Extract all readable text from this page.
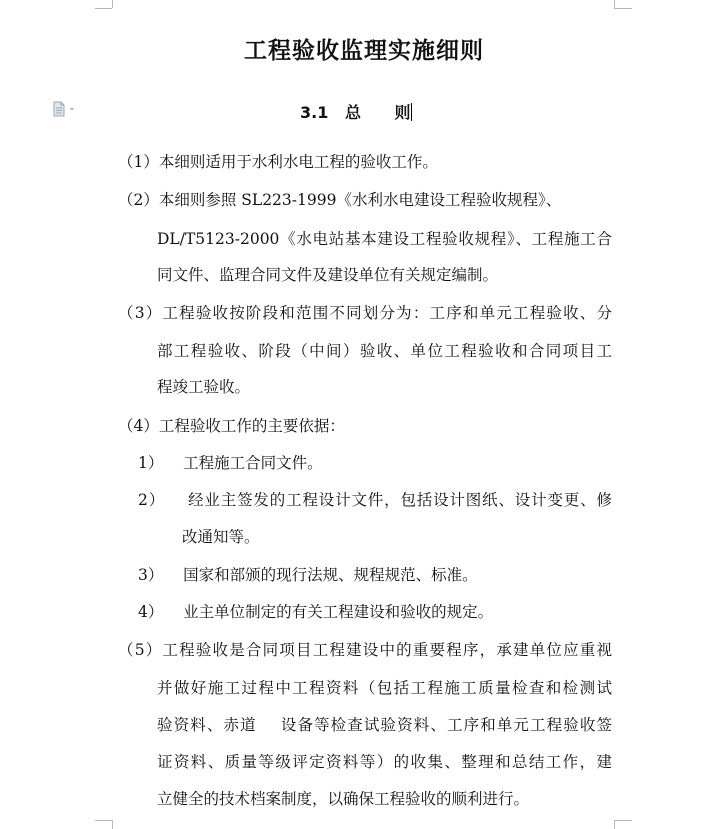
工程验收监理实施细则
3.1   总      则

（1）本细则适用于水利水电工程的验收工作。

（2）本细则参照 SL223-1999《水利水电建设工程验收规程》、

DL/T5123-2000《水电站基本建设工程验收规程》、工程施工合

同文件、监理合同文件及建设单位有关规定编制。

（3）工程验收按阶段和范围不同划分为：工序和单元工程验收、分

部工程验收、阶段（中间）验收、单位工程验收和合同项目工

程竣工验收。

（4）工程验收工作的主要依据：

1）    工程施工合同文件。

2）    经业主签发的工程设计文件，包括设计图纸、设计变更、修

改通知等。

3）    国家和部颁的现行法规、规程规范、标准。

4）    业主单位制定的有关工程建设和验收的规定。

（5）工程验收是合同项目工程建设中的重要程序，承建单位应重视

并做好施工过程中工程资料（包括工程施工质量检查和检测试

验资料、赤道    设备等检查试验资料、工序和单元工程验收签

证资料、质量等级评定资料等）的收集、整理和总结工作，建

立健全的技术档案制度，以确保工程验收的顺利进行。
